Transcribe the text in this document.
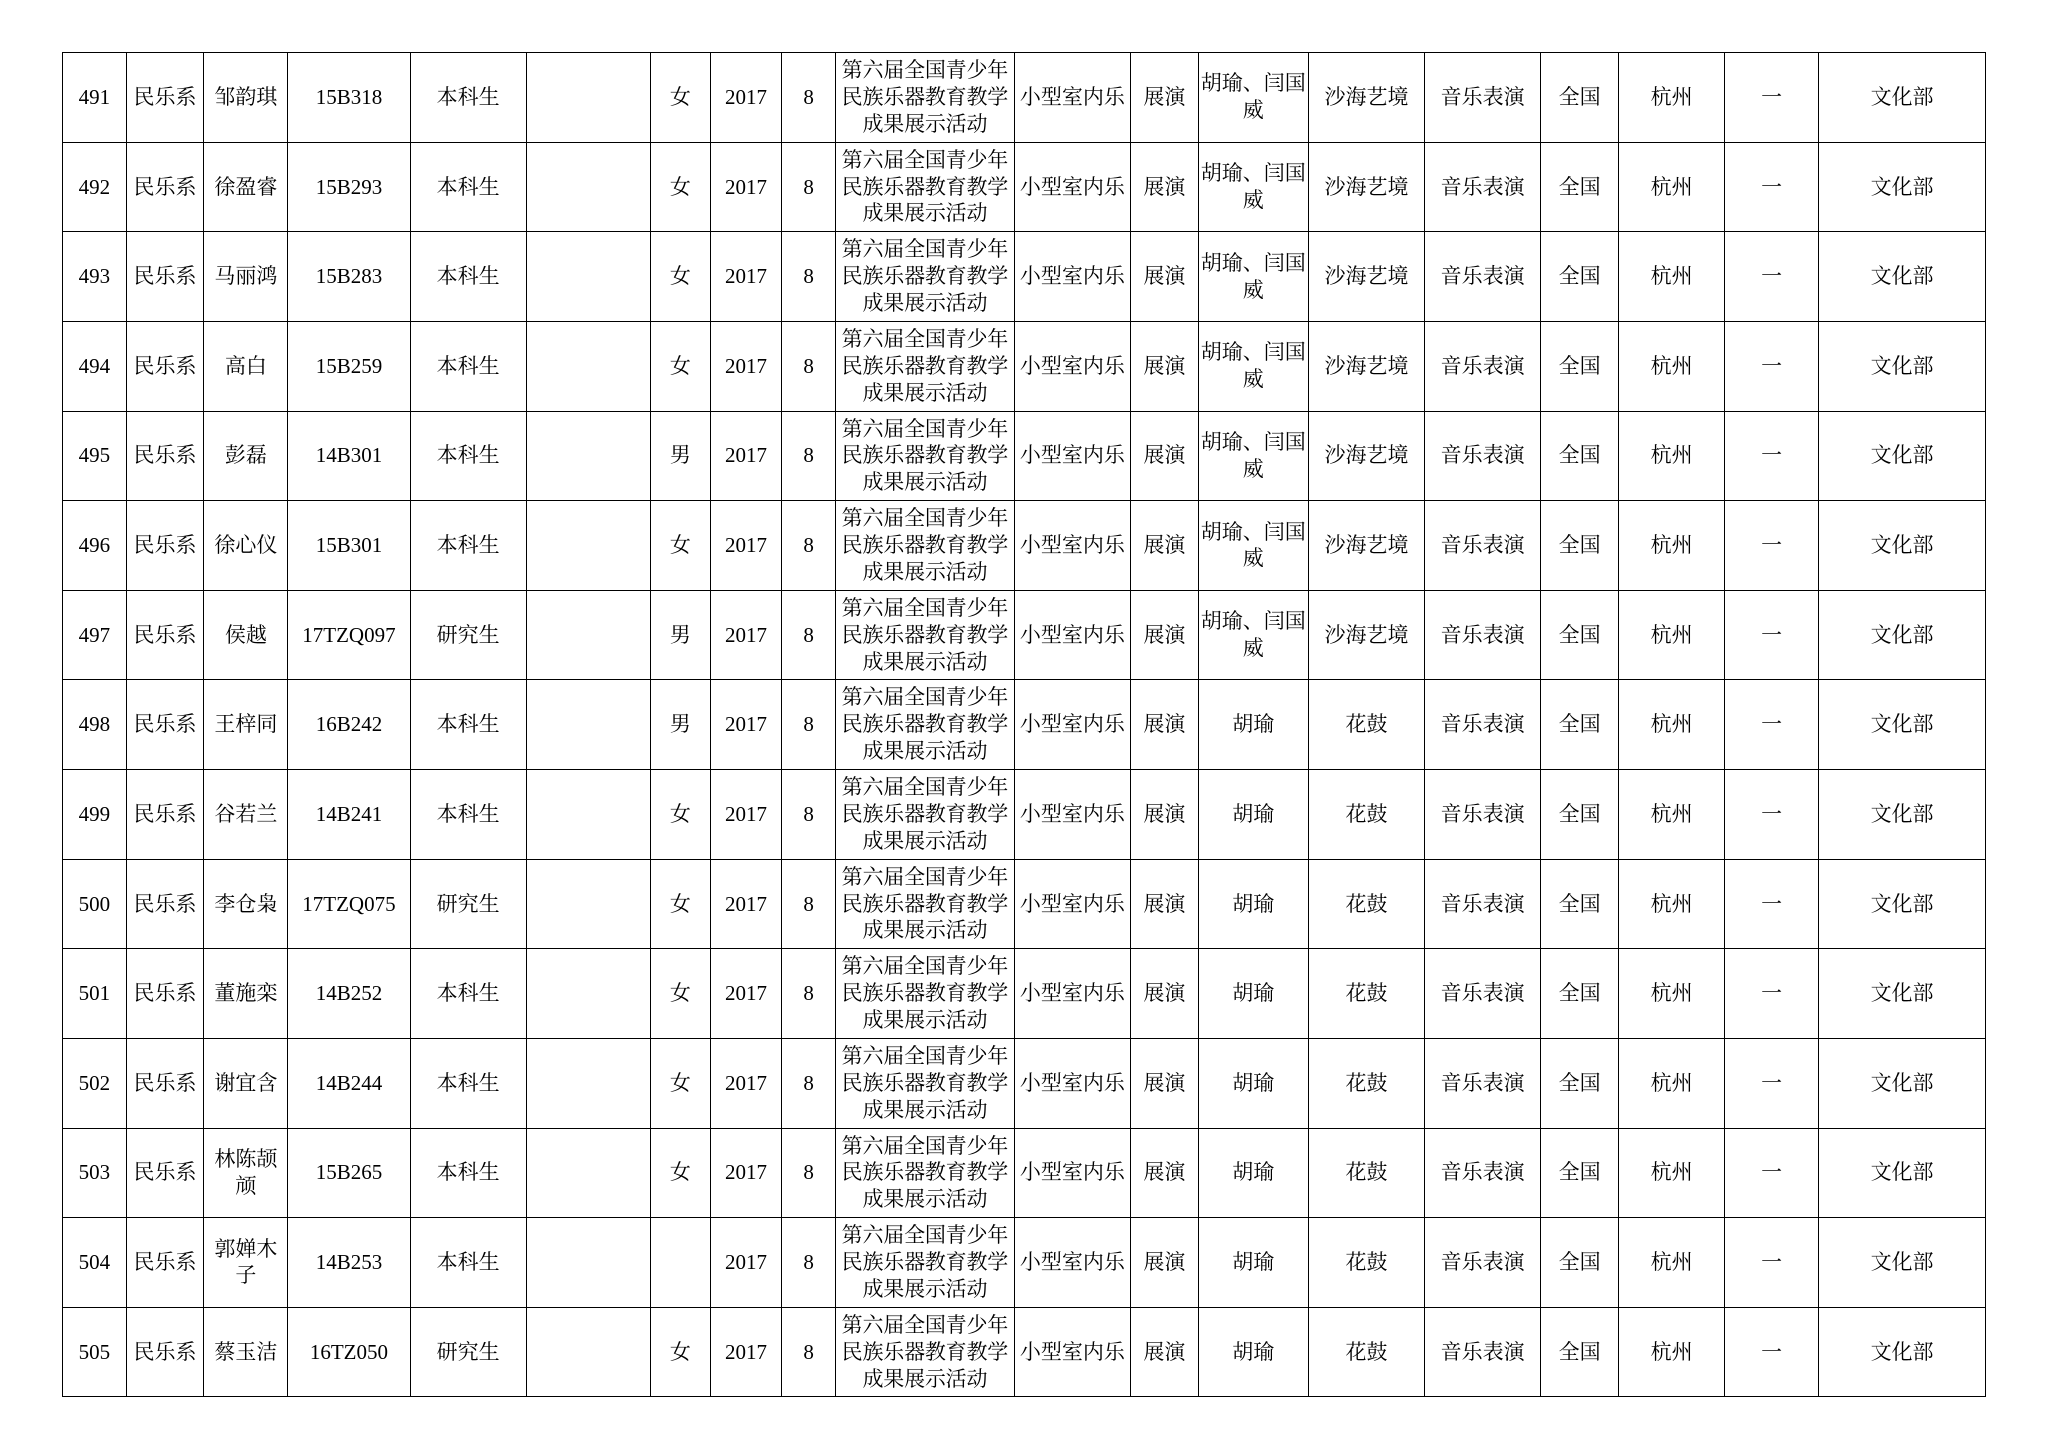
491	民乐系	邹韵琪	15B318	本科生		女	2017	8	第六届全国青少年
民族乐器教育教学
成果展示活动	小型室内乐	展演	胡瑜、闫国
威	沙海艺境	音乐表演	全国	杭州	一	文化部
492	民乐系	徐盈睿	15B293	本科生		女	2017	8	第六届全国青少年
民族乐器教育教学
成果展示活动	小型室内乐	展演	胡瑜、闫国
威	沙海艺境	音乐表演	全国	杭州	一	文化部
493	民乐系	马丽鸿	15B283	本科生		女	2017	8	第六届全国青少年
民族乐器教育教学
成果展示活动	小型室内乐	展演	胡瑜、闫国
威	沙海艺境	音乐表演	全国	杭州	一	文化部
494	民乐系	高白	15B259	本科生		女	2017	8	第六届全国青少年
民族乐器教育教学
成果展示活动	小型室内乐	展演	胡瑜、闫国
威	沙海艺境	音乐表演	全国	杭州	一	文化部
495	民乐系	彭磊	14B301	本科生		男	2017	8	第六届全国青少年
民族乐器教育教学
成果展示活动	小型室内乐	展演	胡瑜、闫国
威	沙海艺境	音乐表演	全国	杭州	一	文化部
496	民乐系	徐心仪	15B301	本科生		女	2017	8	第六届全国青少年
民族乐器教育教学
成果展示活动	小型室内乐	展演	胡瑜、闫国
威	沙海艺境	音乐表演	全国	杭州	一	文化部
497	民乐系	侯越	17TZQ097	研究生		男	2017	8	第六届全国青少年
民族乐器教育教学
成果展示活动	小型室内乐	展演	胡瑜、闫国
威	沙海艺境	音乐表演	全国	杭州	一	文化部
498	民乐系	王梓同	16B242	本科生		男	2017	8	第六届全国青少年
民族乐器教育教学
成果展示活动	小型室内乐	展演	胡瑜	花鼓	音乐表演	全国	杭州	一	文化部
499	民乐系	谷若兰	14B241	本科生		女	2017	8	第六届全国青少年
民族乐器教育教学
成果展示活动	小型室内乐	展演	胡瑜	花鼓	音乐表演	全国	杭州	一	文化部
500	民乐系	李仓枭	17TZQ075	研究生		女	2017	8	第六届全国青少年
民族乐器教育教学
成果展示活动	小型室内乐	展演	胡瑜	花鼓	音乐表演	全国	杭州	一	文化部
501	民乐系	董施栾	14B252	本科生		女	2017	8	第六届全国青少年
民族乐器教育教学
成果展示活动	小型室内乐	展演	胡瑜	花鼓	音乐表演	全国	杭州	一	文化部
502	民乐系	谢宜含	14B244	本科生		女	2017	8	第六届全国青少年
民族乐器教育教学
成果展示活动	小型室内乐	展演	胡瑜	花鼓	音乐表演	全国	杭州	一	文化部
503	民乐系	林陈颉
颃	15B265	本科生		女	2017	8	第六届全国青少年
民族乐器教育教学
成果展示活动	小型室内乐	展演	胡瑜	花鼓	音乐表演	全国	杭州	一	文化部
504	民乐系	郭婵木
子	14B253	本科生			2017	8	第六届全国青少年
民族乐器教育教学
成果展示活动	小型室内乐	展演	胡瑜	花鼓	音乐表演	全国	杭州	一	文化部
505	民乐系	蔡玉洁	16TZ050	研究生		女	2017	8	第六届全国青少年
民族乐器教育教学
成果展示活动	小型室内乐	展演	胡瑜	花鼓	音乐表演	全国	杭州	一	文化部
